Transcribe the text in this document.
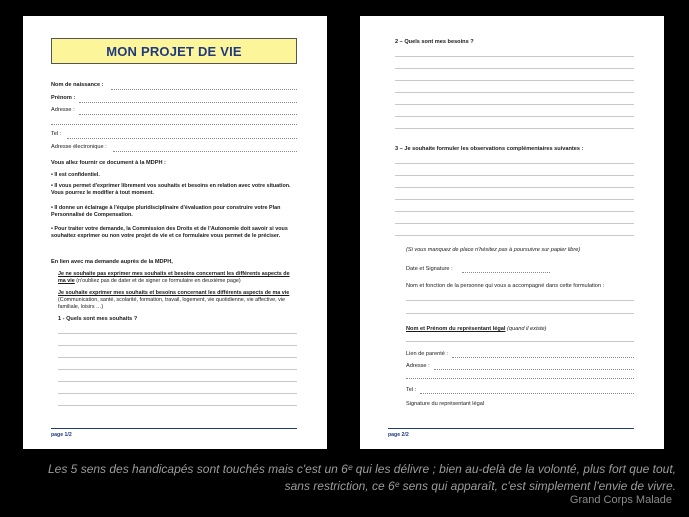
MON PROJET DE VIE
Nom de naissance :
Prénom :
Adresse :
Tel :
Adresse électronique :
Vous allez fournir ce document à la MDPH :
• Il est confidentiel.
• Il vous permet d'exprimer librement vos souhaits et besoins en relation avec votre situation. Vous pourrez le modifier à tout moment.
• Il donne un éclairage à l'équipe pluridisciplinaire d'évaluation pour construire votre Plan Personnalisé de Compensation.
• Pour traiter votre demande, la Commission des Droits et de l'Autonomie doit savoir si vous souhaitez exprimer ou non votre projet de vie et ce formulaire vous permet de le préciser.
En lien avec ma demande auprès de la MDPH,
Je ne souhaite pas exprimer mes souhaits et besoins concernant les différents aspects de ma vie (n'oubliez pas de dater et de signer ce formulaire en deuxième page)
Je souhaite exprimer mes souhaits et besoins concernant les différents aspects de ma vie (Communication, santé, scolarité, formation, travail, logement, vie quotidienne, vie affective, vie familiale, loisirs …)
1 - Quels sont mes souhaits ?
page 1/2
2 – Quels sont mes besoins ?
3 – Je souhaite formuler les observations complémentaires suivantes :
(Si vous manquez de place n'hésitez pas à poursuivre sur papier libre)
Date et Signature :
Nom et fonction de la personne qui vous a accompagné dans cette formulation :
Nom et Prénom du représentant légal (quand il existe)
Lien de parenté :
Adresse :
Tel :
Signature du représentant légal
page 2/2
Les 5 sens des handicapés sont touchés mais c'est un 6ᵉ qui les délivre ; bien au-delà de la volonté, plus fort que tout, sans restriction, ce 6ᵉ sens qui apparaît, c'est simplement l'envie de vivre.
Grand Corps Malade
